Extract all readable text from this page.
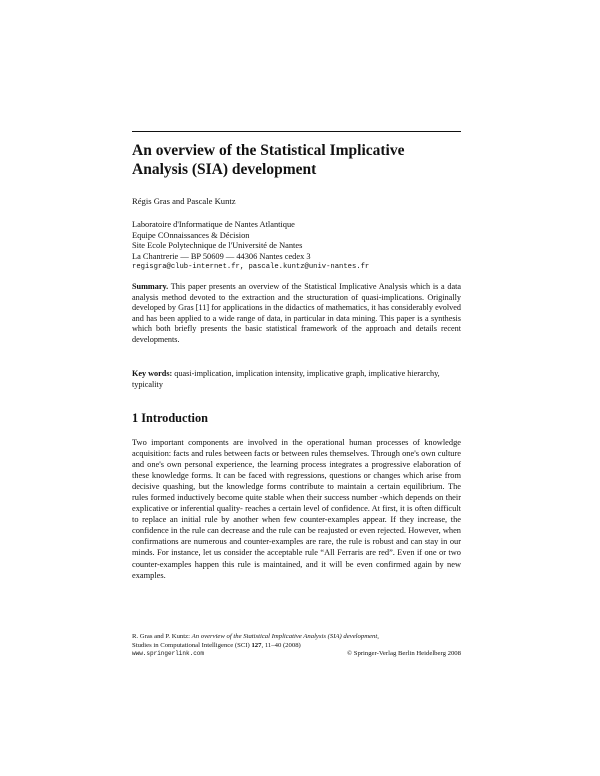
An overview of the Statistical Implicative Analysis (SIA) development
Régis Gras and Pascale Kuntz
Laboratoire d'Informatique de Nantes Atlantique
Equipe COnnaissances & Décision
Site Ecole Polytechnique de l'Université de Nantes
La Chantrerie — BP 50609 — 44306 Nantes cedex 3
regisgra@club-internet.fr, pascale.kuntz@univ-nantes.fr

Summary. This paper presents an overview of the Statistical Implicative Analysis which is a data analysis method devoted to the extraction and the structuration of quasi-implications. Originally developed by Gras [11] for applications in the didactics of mathematics, it has considerably evolved and has been applied to a wide range of data, in particular in data mining. This paper is a synthesis which both briefly presents the basic statistical framework of the approach and details recent developments.

Key words: quasi-implication, implication intensity, implicative graph, implicative hierarchy, typicality

1 Introduction

Two important components are involved in the operational human processes of knowledge acquisition: facts and rules between facts or between rules themselves. Through one's own culture and one's own personal experience, the learning process integrates a progressive elaboration of these knowledge forms. It can be faced with regressions, questions or changes which arise from decisive quashing, but the knowledge forms contribute to maintain a certain equilibrium. The rules formed inductively become quite stable when their success number -which depends on their explicative or inferential quality- reaches a certain level of confidence. At first, it is often difficult to replace an initial rule by another when few counter-examples appear. If they increase, the confidence in the rule can decrease and the rule can be reajusted or even rejected. However, when confirmations are numerous and counter-examples are rare, the rule is robust and can stay in our minds. For instance, let us consider the acceptable rule “All Ferraris are red”. Even if one or two counter-examples happen this rule is maintained, and it will be even confirmed again by new examples.

R. Gras and P. Kuntz: An overview of the Statistical Implicative Analysis (SIA) development,
Studies in Computational Intelligence (SCI) 127, 11–40 (2008)
www.springerlink.com	© Springer-Verlag Berlin Heidelberg 2008
